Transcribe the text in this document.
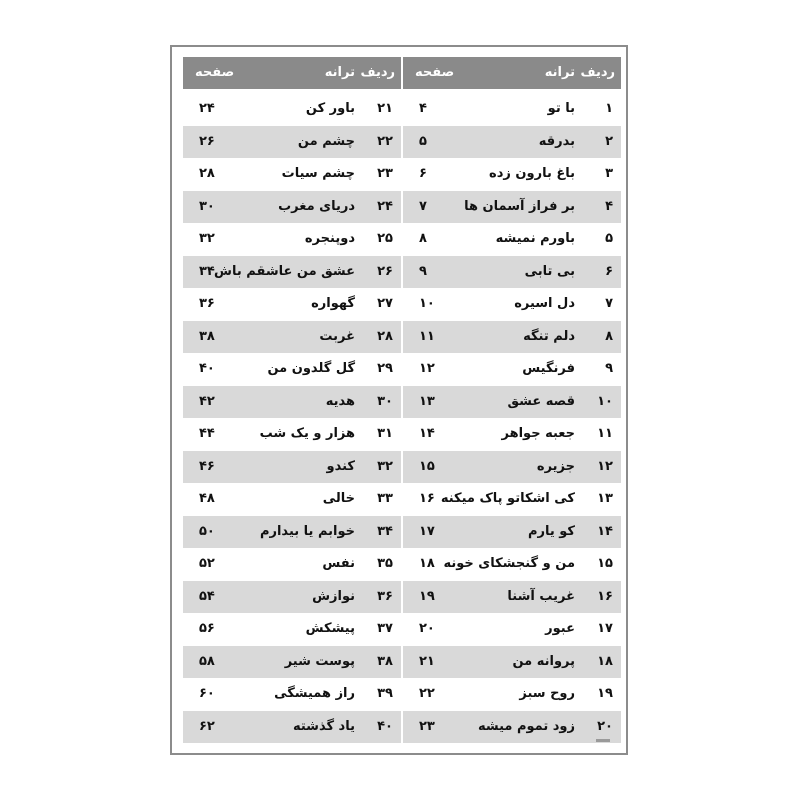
ردیف
ترانه
صفحه
۱
با تو
۴
۲
بدرقه
۵
۳
باغ بارون زده
۶
۴
بر فراز آسمان ها
۷
۵
باورم نمیشه
۸
۶
بی تابی
۹
۷
دل اسیره
۱۰
۸
دلم تنگه
۱۱
۹
فرنگیس
۱۲
۱۰
قصه عشق
۱۳
۱۱
جعبه جواهر
۱۴
۱۲
جزیره
۱۵
۱۳
کی اشکاتو پاک میکنه
۱۶
۱۴
کو یارم
۱۷
۱۵
من و گنجشکای خونه
۱۸
۱۶
غریب آشنا
۱۹
۱۷
عبور
۲۰
۱۸
پروانه من
۲۱
۱۹
روح سبز
۲۲
۲۰
زود تموم میشه
۲۳
ردیف
ترانه
صفحه
۲۱
باور کن
۲۴
۲۲
چشم من
۲۶
۲۳
چشم سیات
۲۸
۲۴
دریای مغرب
۳۰
۲۵
دوپنجره
۳۲
۲۶
عشق من عاشقم باش
۳۴
۲۷
گهواره
۳۶
۲۸
غربت
۳۸
۲۹
گل گلدون من
۴۰
۳۰
هدیه
۴۲
۳۱
هزار و یک شب
۴۴
۳۲
کندو
۴۶
۳۳
خالی
۴۸
۳۴
خوابم یا بیدارم
۵۰
۳۵
نفس
۵۲
۳۶
نوازش
۵۴
۳۷
پیشکش
۵۶
۳۸
پوست شیر
۵۸
۳۹
راز همیشگی
۶۰
۴۰
یاد گذشته
۶۲
